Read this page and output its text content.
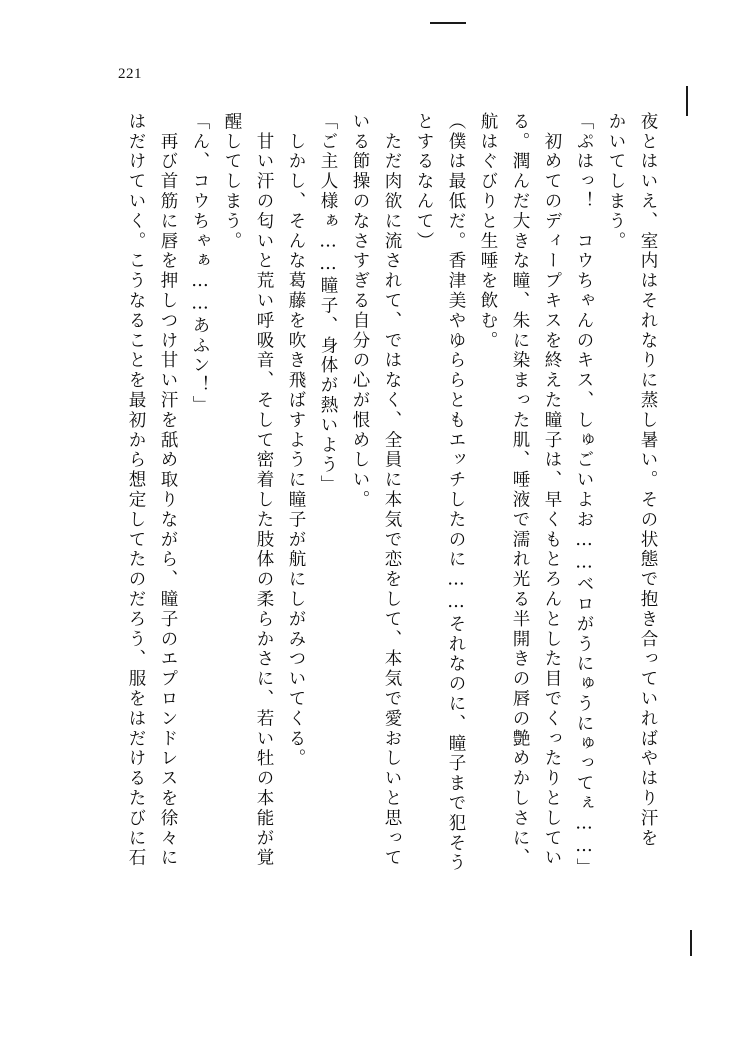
221
夜とはいえ、室内はそれなりに蒸し暑い。その状態で抱き合っていればやはり汗を
かいてしまう。
「ぷはっ！　コウちゃんのキス、しゅごいよお……ベロがうにゅうにゅってぇ……」
　初めてのディープキスを終えた瞳子は、早くもとろんとした目でくったりとしてい
る。潤んだ大きな瞳、朱に染まった肌、唾液で濡れ光る半開きの唇の艶めかしさに、
航はぐびりと生唾を飲む。
（僕は最低だ。香津美やゆららともエッチしたのに……それなのに、瞳子まで犯そう
とするなんて）
　ただ肉欲に流されて、ではなく、全員に本気で恋をして、本気で愛おしいと思って
いる節操のなさすぎる自分の心が恨めしい。
「ご主人様ぁ……瞳子、身体が熱いよう」
　しかし、そんな葛藤を吹き飛ばすように瞳子が航にしがみついてくる。
　甘い汗の匂いと荒い呼吸音、そして密着した肢体の柔らかさに、若い牡の本能が覚
醒してしまう。
「ん、コウちゃぁ……あふン！」
　再び首筋に唇を押しつけ甘い汗を舐め取りながら、瞳子のエプロンドレスを徐々に
はだけていく。こうなることを最初から想定してたのだろう、服をはだけるたびに石
